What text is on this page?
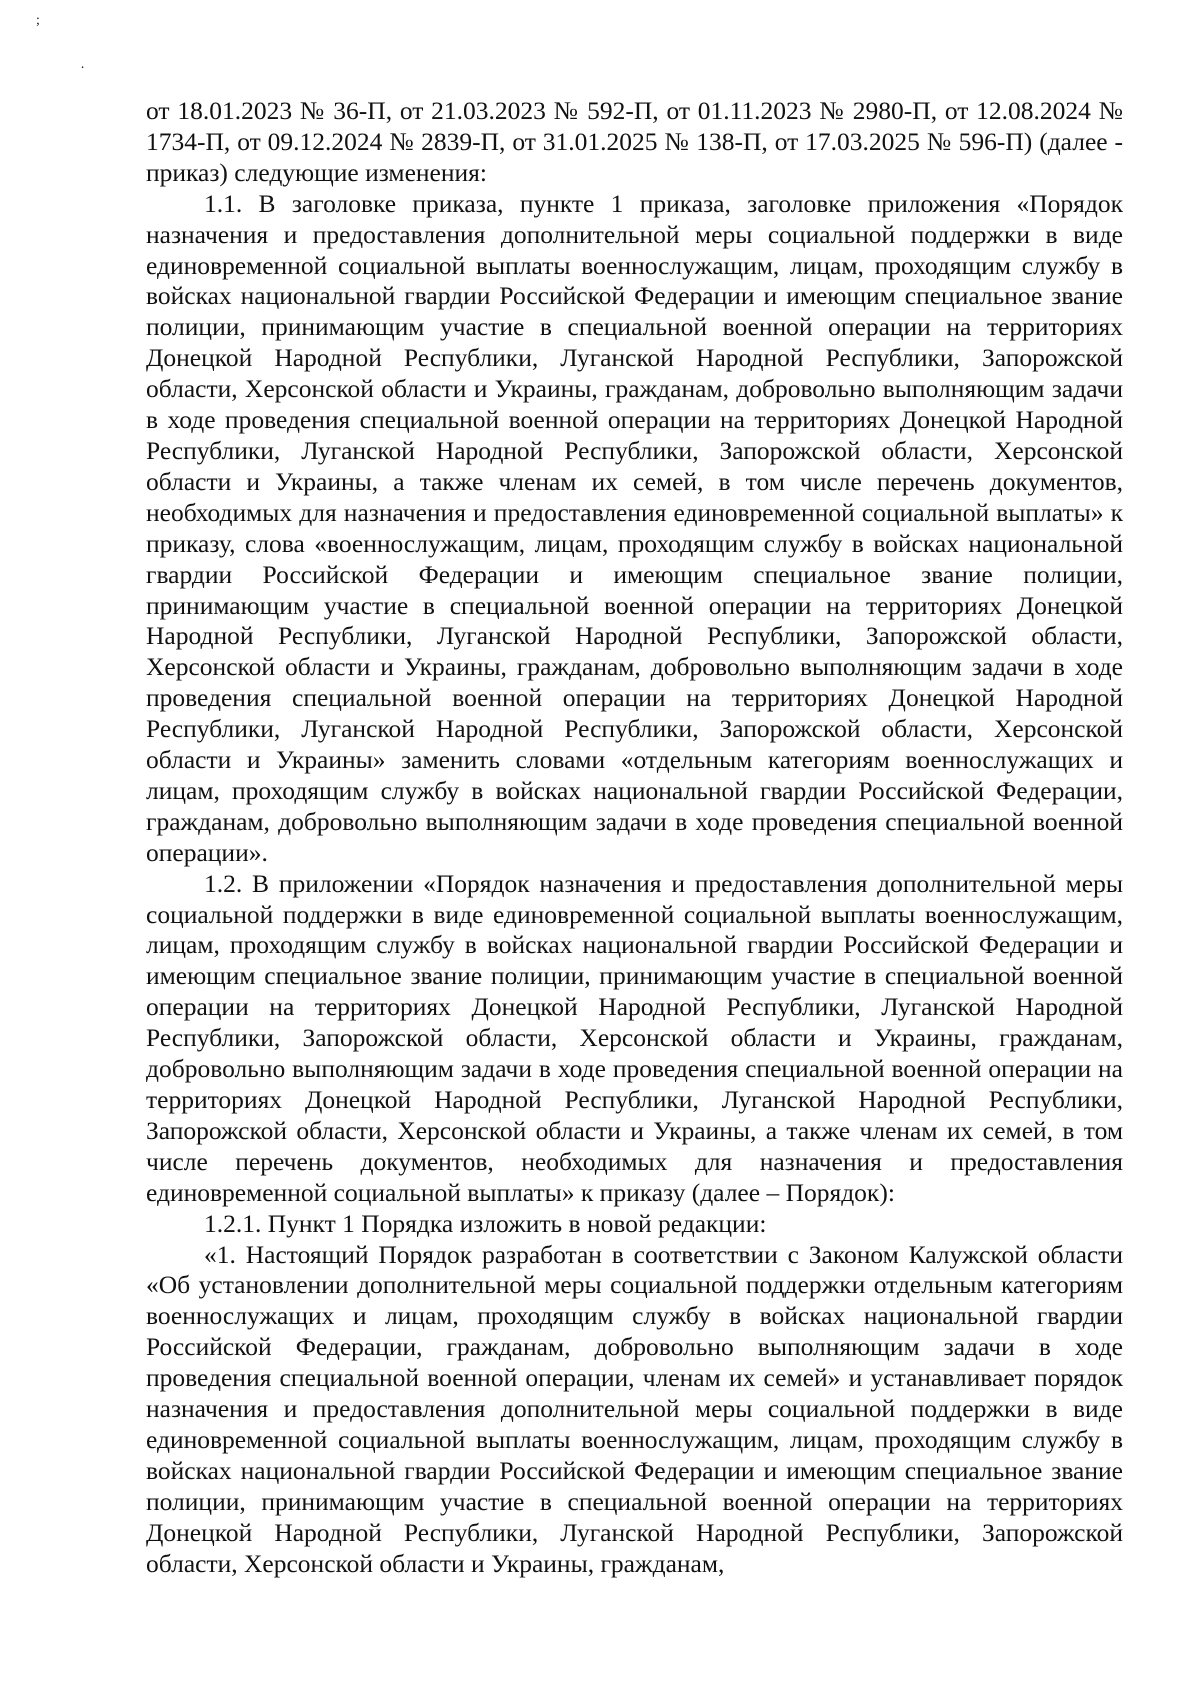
;
.

от 18.01.2023 № 36-П, от 21.03.2023 № 592-П, от 01.11.2023 № 2980-П, от 12.08.2024 № 1734-П, от 09.12.2024 № 2839-П, от 31.01.2025 № 138-П, от 17.03.2025 № 596-П) (далее - приказ) следующие изменения:

1.1. В заголовке приказа, пункте 1 приказа, заголовке приложения «Порядок назначения и предоставления дополнительной меры социальной поддержки в виде единовременной социальной выплаты военнослужащим, лицам, проходящим службу в войсках национальной гвардии Российской Федерации и имеющим специальное звание полиции, принимающим участие в специальной военной операции на территориях Донецкой Народной Республики, Луганской Народной Республики, Запорожской области, Херсонской области и Украины, гражданам, добровольно выполняющим задачи в ходе проведения специальной военной операции на территориях Донецкой Народной Республики, Луганской Народной Республики, Запорожской области, Херсонской области и Украины, а также членам их семей, в том числе перечень документов, необходимых для назначения и предоставления единовременной социальной выплаты» к приказу, слова «военнослужащим, лицам, проходящим службу в войсках национальной гвардии Российской Федерации и имеющим специальное звание полиции, принимающим участие в специальной военной операции на территориях Донецкой Народной Республики, Луганской Народной Республики, Запорожской области, Херсонской области и Украины, гражданам, добровольно выполняющим задачи в ходе проведения специальной военной операции на территориях Донецкой Народной Республики, Луганской Народной Республики, Запорожской области, Херсонской области и Украины» заменить словами «отдельным категориям военнослужащих и лицам, проходящим службу в войсках национальной гвардии Российской Федерации, гражданам, добровольно выполняющим задачи в ходе проведения специальной военной операции».

1.2. В приложении «Порядок назначения и предоставления дополнительной меры социальной поддержки в виде единовременной социальной выплаты военнослужащим, лицам, проходящим службу в войсках национальной гвардии Российской Федерации и имеющим специальное звание полиции, принимающим участие в специальной военной операции на территориях Донецкой Народной Республики, Луганской Народной Республики, Запорожской области, Херсонской области и Украины, гражданам, добровольно выполняющим задачи в ходе проведения специальной военной операции на территориях Донецкой Народной Республики, Луганской Народной Республики, Запорожской области, Херсонской области и Украины, а также членам их семей, в том числе перечень документов, необходимых для назначения и предоставления единовременной социальной выплаты» к приказу (далее – Порядок):

1.2.1. Пункт 1 Порядка изложить в новой редакции:

«1. Настоящий Порядок разработан в соответствии с Законом Калужской области «Об установлении дополнительной меры социальной поддержки отдельным категориям военнослужащих и лицам, проходящим службу в войсках национальной гвардии Российской Федерации, гражданам, добровольно выполняющим задачи в ходе проведения специальной военной операции, членам их семей» и устанавливает порядок назначения и предоставления дополнительной меры социальной поддержки в виде единовременной социальной выплаты военнослужащим, лицам, проходящим службу в войсках национальной гвардии Российской Федерации и имеющим специальное звание полиции, принимающим участие в специальной военной операции на территориях Донецкой Народной Республики, Луганской Народной Республики, Запорожской области, Херсонской области и Украины, гражданам,
